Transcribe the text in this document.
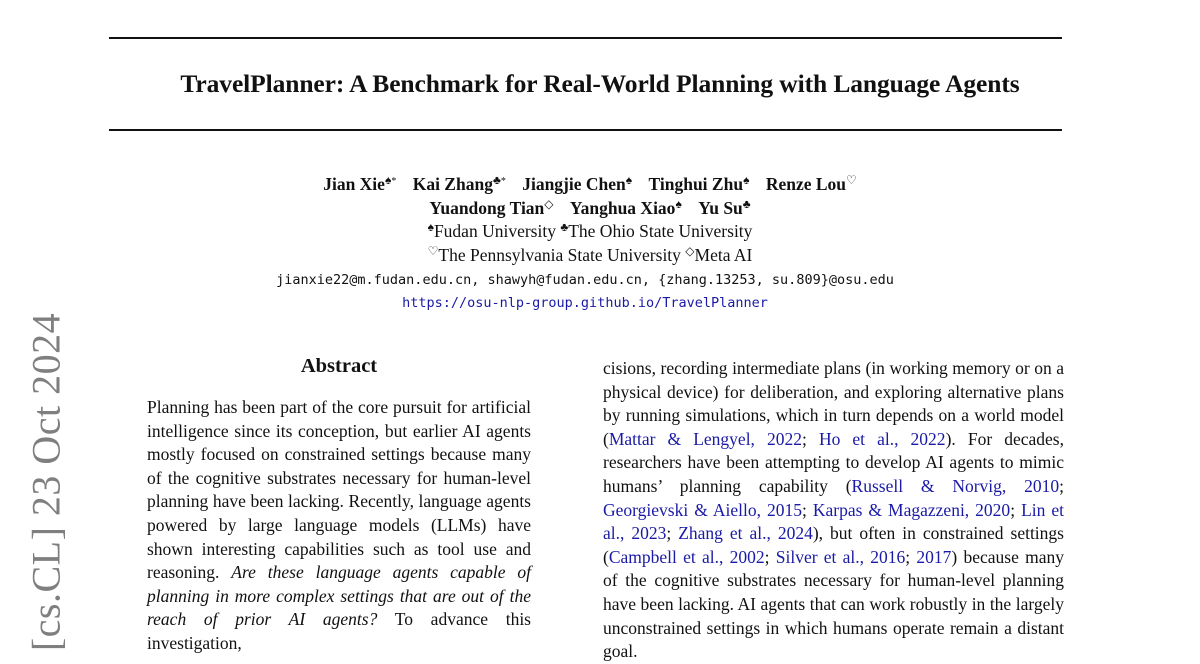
TravelPlanner: A Benchmark for Real-World Planning with Language Agents
Jian Xie♠* Kai Zhang♣* Jiangjie Chen♠ Tinghui Zhu♠ Renze Lou♡
Yuandong Tian◇ Yanghua Xiao♠ Yu Su♣
♠Fudan University ♣The Ohio State University
♡The Pennsylvania State University ◇Meta AI
jianxie22@m.fudan.edu.cn, shawyh@fudan.edu.cn, {zhang.13253, su.809}@osu.edu
https://osu-nlp-group.github.io/TravelPlanner
[cs.CL] 23 Oct 2024	Abstract

Planning has been part of the core pursuit for artificial intelligence since its conception, but earlier AI agents mostly focused on constrained settings because many of the cognitive substrates necessary for human-level planning have been lacking. Recently, language agents powered by large language models (LLMs) have shown interesting capabilities such as tool use and reasoning. Are these language agents capable of planning in more complex settings that are out of the reach of prior AI agents? To advance this investigation,

cisions, recording intermediate plans (in working memory or on a physical device) for deliberation, and exploring alternative plans by running simulations, which in turn depends on a world model (Mattar & Lengyel, 2022; Ho et al., 2022). For decades, researchers have been attempting to develop AI agents to mimic humans’ planning capability (Russell & Norvig, 2010; Georgievski & Aiello, 2015; Karpas & Magazzeni, 2020; Lin et al., 2023; Zhang et al., 2024), but often in constrained settings (Campbell et al., 2002; Silver et al., 2016; 2017) because many of the cognitive substrates necessary for human-level planning have been lacking. AI agents that can work robustly in the largely unconstrained settings in which humans operate remain a distant goal.
